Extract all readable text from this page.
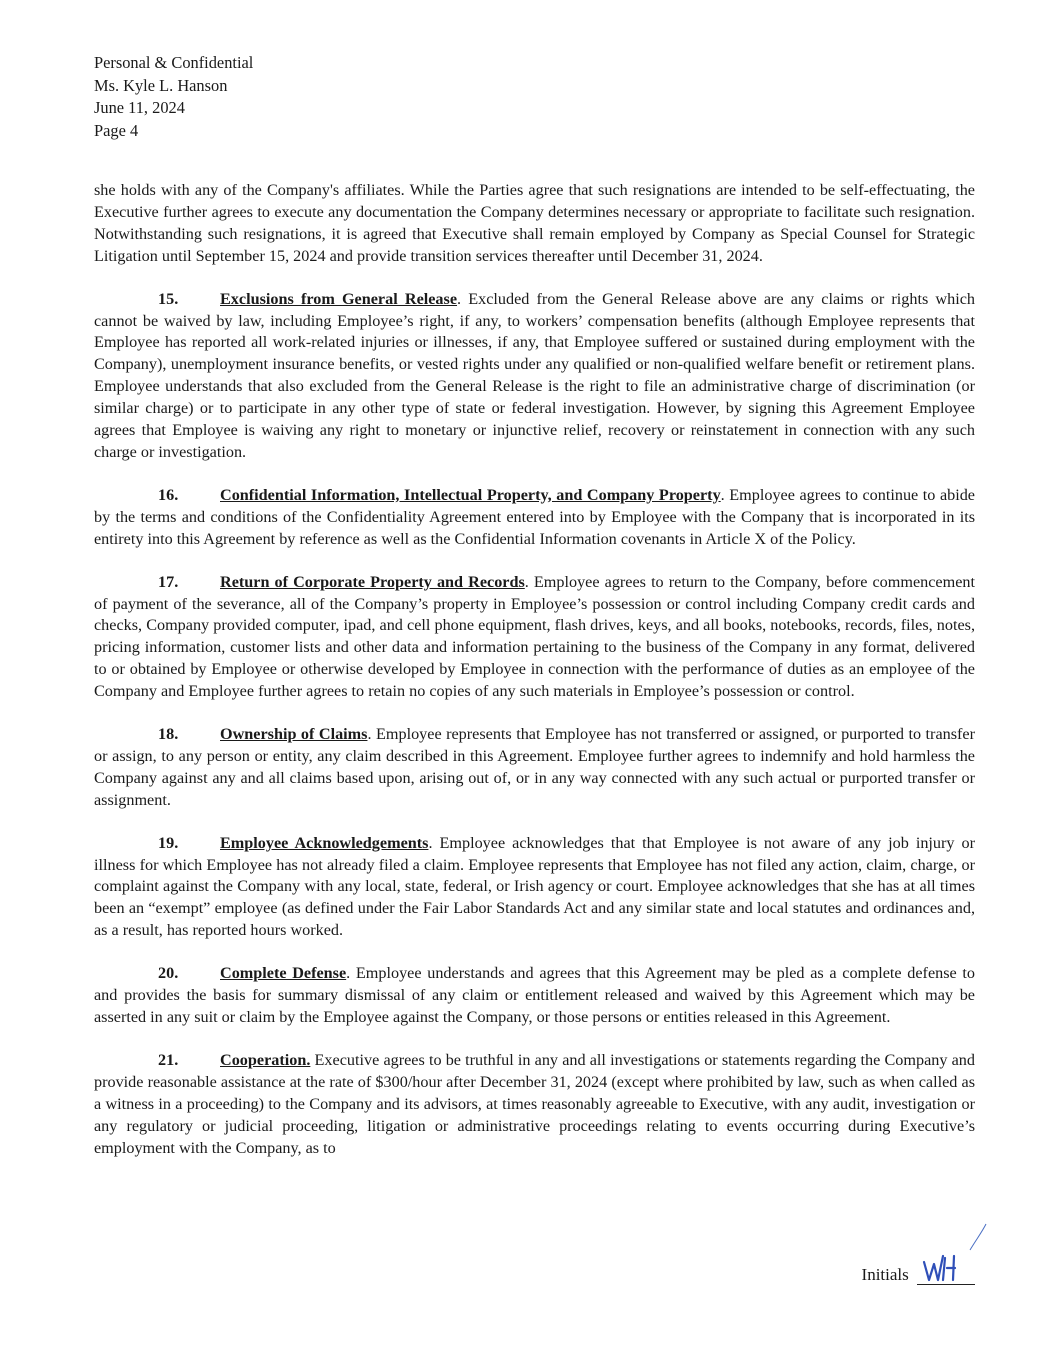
Personal & Confidential
Ms. Kyle L. Hanson
June 11, 2024
Page 4

she holds with any of the Company's affiliates. While the Parties agree that such resignations are intended to be self-effectuating, the Executive further agrees to execute any documentation the Company determines necessary or appropriate to facilitate such resignation. Notwithstanding such resignations, it is agreed that Executive shall remain employed by Company as Special Counsel for Strategic Litigation until September 15, 2024 and provide transition services thereafter until December 31, 2024.

15.	Exclusions from General Release. Excluded from the General Release above are any claims or rights which cannot be waived by law, including Employee’s right, if any, to workers’ compensation benefits (although Employee represents that Employee has reported all work-related injuries or illnesses, if any, that Employee suffered or sustained during employment with the Company), unemployment insurance benefits, or vested rights under any qualified or non-qualified welfare benefit or retirement plans. Employee understands that also excluded from the General Release is the right to file an administrative charge of discrimination (or similar charge) or to participate in any other type of state or federal investigation. However, by signing this Agreement Employee agrees that Employee is waiving any right to monetary or injunctive relief, recovery or reinstatement in connection with any such charge or investigation.

16.	Confidential Information, Intellectual Property, and Company Property. Employee agrees to continue to abide by the terms and conditions of the Confidentiality Agreement entered into by Employee with the Company that is incorporated in its entirety into this Agreement by reference as well as the Confidential Information covenants in Article X of the Policy.

17.	Return of Corporate Property and Records. Employee agrees to return to the Company, before commencement of payment of the severance, all of the Company’s property in Employee’s possession or control including Company credit cards and checks, Company provided computer, ipad, and cell phone equipment, flash drives, keys, and all books, notebooks, records, files, notes, pricing information, customer lists and other data and information pertaining to the business of the Company in any format, delivered to or obtained by Employee or otherwise developed by Employee in connection with the performance of duties as an employee of the Company and Employee further agrees to retain no copies of any such materials in Employee’s possession or control.

18.	Ownership of Claims. Employee represents that Employee has not transferred or assigned, or purported to transfer or assign, to any person or entity, any claim described in this Agreement. Employee further agrees to indemnify and hold harmless the Company against any and all claims based upon, arising out of, or in any way connected with any such actual or purported transfer or assignment.

19.	Employee Acknowledgements. Employee acknowledges that that Employee is not aware of any job injury or illness for which Employee has not already filed a claim. Employee represents that Employee has not filed any action, claim, charge, or complaint against the Company with any local, state, federal, or Irish agency or court. Employee acknowledges that she has at all times been an “exempt” employee (as defined under the Fair Labor Standards Act and any similar state and local statutes and ordinances and, as a result, has reported hours worked.

20.	Complete Defense. Employee understands and agrees that this Agreement may be pled as a complete defense to and provides the basis for summary dismissal of any claim or entitlement released and waived by this Agreement which may be asserted in any suit or claim by the Employee against the Company, or those persons or entities released in this Agreement.

21.	Cooperation. Executive agrees to be truthful in any and all investigations or statements regarding the Company and provide reasonable assistance at the rate of $300/hour after December 31, 2024 (except where prohibited by law, such as when called as a witness in a proceeding) to the Company and its advisors, at times reasonably agreeable to Executive, with any audit, investigation or any regulatory or judicial proceeding, litigation or administrative proceedings relating to events occurring during Executive’s employment with the Company, as to

Initials
